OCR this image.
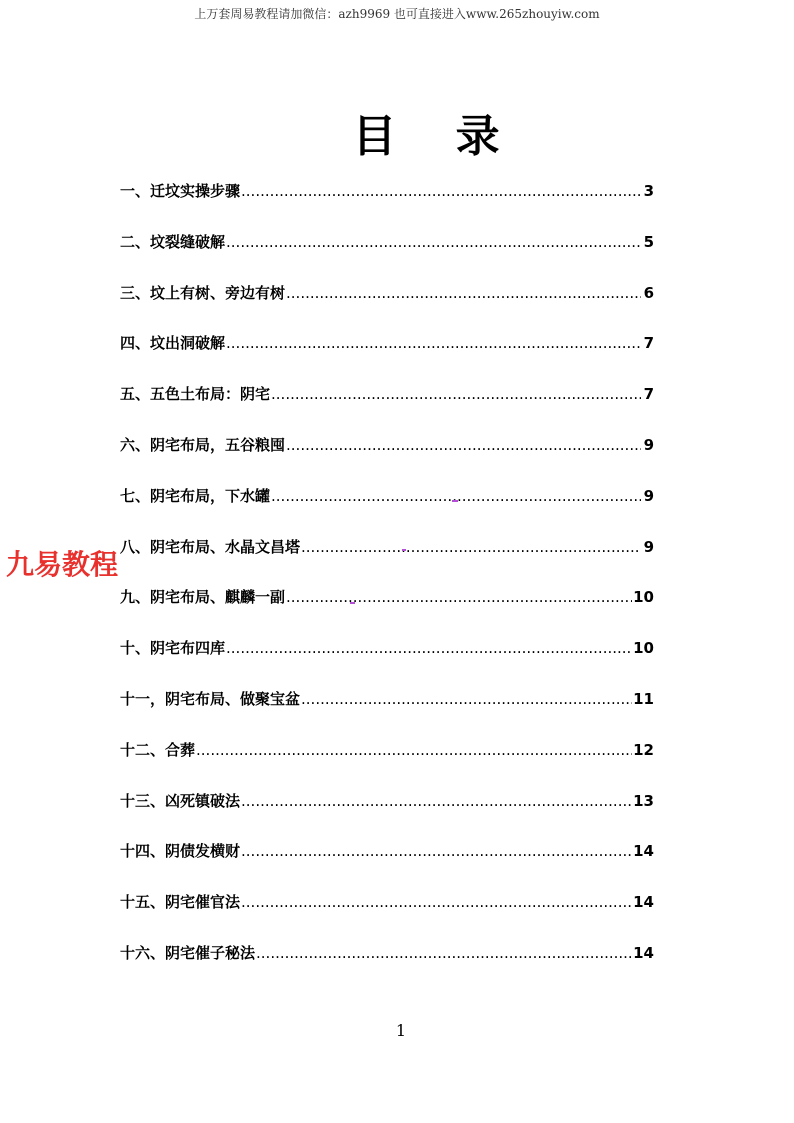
上万套周易教程请加微信：azh9969 也可直接进入www.265zhouyiw.com
目 录
一、迁坟实操步骤 .....	3
二、坟裂缝破解 .....	5
三、坟上有树、旁边有树 .....	6
四、坟出洞破解 .....	7
五、五色土布局：阴宅 .....	7
六、阴宅布局，五谷粮囤 .....	9
七、阴宅布局，下水罐 .....	9
八、阴宅布局、水晶文昌塔 .....	9
九、阴宅布局、麒麟一副 .....	10
十、阴宅布四库 .....	10
十一，阴宅布局、做聚宝盆 .....	11
十二、合葬 .....	12
十三、凶死镇破法 .....	13
十四、阴债发横财 .....	14
十五、阴宅催官法 .....	14
十六、阴宅催子秘法 .....	14
九易教程
1
